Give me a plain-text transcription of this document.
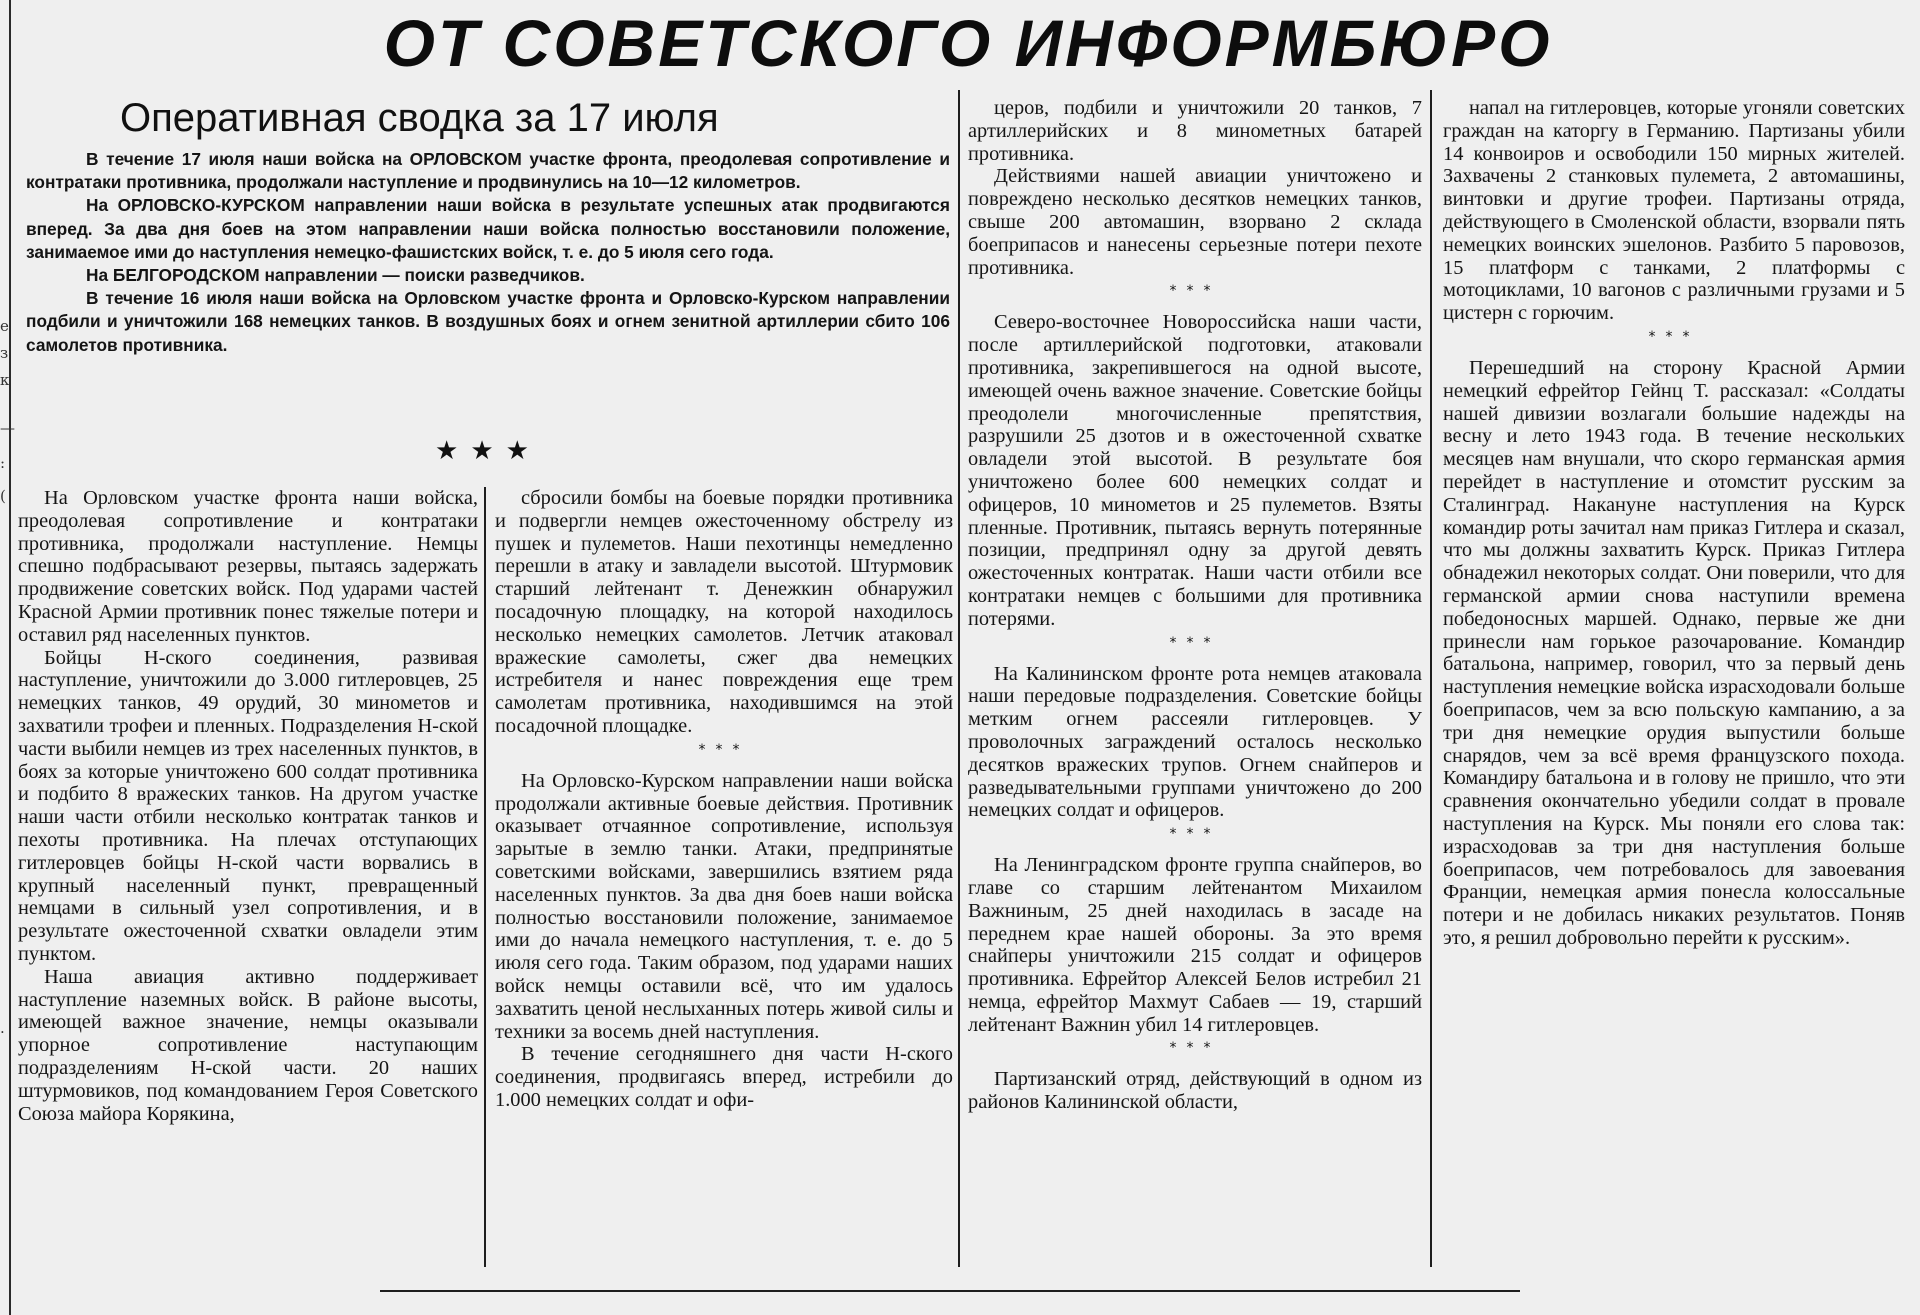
е
з
к
—
:
(
.
ОТ СОВЕТСКОГО ИНФОРМБЮРО
Оперативная сводка за 17 июля

В течение 17 июля наши войска на ОРЛОВСКОМ участке фронта, преодолевая сопротивление и контратаки противника, продолжали наступление и продвинулись на 10—12 километров.

На ОРЛОВСКО-КУРСКОМ направлении наши войска в результате успешных атак продвигаются вперед. За два дня боев на этом направлении наши войска полностью восстановили положение, занимаемое ими до наступления немецко-фашистских войск, т. е. до 5 июля сего года.

На БЕЛГОРОДСКОМ направлении — поиски разведчиков.

В течение 16 июля наши войска на Орловском участке фронта и Орловско-Курском направлении подбили и уничтожили 168 немецких танков. В воздушных боях и огнем зенитной артиллерии сбито 106 самолетов противника.

★★★

На Орловском участке фронта наши войска, преодолевая сопротивление и контратаки противника, продолжали наступление. Немцы спешно подбрасывают резервы, пытаясь задержать продвижение советских войск. Под ударами частей Красной Армии противник понес тяжелые потери и оставил ряд населенных пунктов.

Бойцы Н-ского соединения, развивая наступление, уничтожили до 3.000 гитлеровцев, 25 немецких танков, 49 орудий, 30 минометов и захватили трофеи и пленных. Подразделения Н-ской части выбили немцев из трех населенных пунктов, в боях за которые уничтожено 600 солдат противника и подбито 8 вражеских танков. На другом участке наши части отбили несколько контратак танков и пехоты противника. На плечах отступающих гитлеровцев бойцы Н-ской части ворвались в крупный населенный пункт, превращенный немцами в сильный узел сопротивления, и в результате ожесточенной схватки овладели этим пунктом.

Наша авиация активно поддерживает наступление наземных войск. В районе высоты, имеющей важное значение, немцы оказывали упорное сопротивление наступающим подразделениям Н-ской части. 20 наших штурмовиков, под командованием Героя Советского Союза майора Корякина,

сбросили бомбы на боевые порядки противника и подвергли немцев ожесточенному обстрелу из пушек и пулеметов. Наши пехотинцы немедленно перешли в атаку и завладели высотой. Штурмовик старший лейтенант т. Денежкин обнаружил посадочную площадку, на которой находилось несколько немецких самолетов. Летчик атаковал вражеские самолеты, сжег два немецких истребителя и нанес повреждения еще трем самолетам противника, находившимся на этой посадочной площадке.

***

На Орловско-Курском направлении наши войска продолжали активные боевые действия. Противник оказывает отчаянное сопротивление, используя зарытые в землю танки. Атаки, предпринятые советскими войсками, завершились взятием ряда населенных пунктов. За два дня боев наши войска полностью восстановили положение, занимаемое ими до начала немецкого наступления, т. е. до 5 июля сего года. Таким образом, под ударами наших войск немцы оставили всё, что им удалось захватить ценой неслыханных потерь живой силы и техники за восемь дней наступления.

В течение сегодняшнего дня части Н-ского соединения, продвигаясь вперед, истребили до 1.000 немецких солдат и офи-

церов, подбили и уничтожили 20 танков, 7 артиллерийских и 8 минометных батарей противника.

Действиями нашей авиации уничтожено и повреждено несколько десятков немецких танков, свыше 200 автомашин, взорвано 2 склада боеприпасов и нанесены серьезные потери пехоте противника.

***

Северо-восточнее Новороссийска наши части, после артиллерийской подготовки, атаковали противника, закрепившегося на одной высоте, имеющей очень важное значение. Советские бойцы преодолели многочисленные препятствия, разрушили 25 дзотов и в ожесточенной схватке овладели этой высотой. В результате боя уничтожено более 600 немецких солдат и офицеров, 10 минометов и 25 пулеметов. Взяты пленные. Противник, пытаясь вернуть потерянные позиции, предпринял одну за другой девять ожесточенных контратак. Наши части отбили все контратаки немцев с большими для противника потерями.

***

На Калининском фронте рота немцев атаковала наши передовые подразделения. Советские бойцы метким огнем рассеяли гитлеровцев. У проволочных заграждений осталось несколько десятков вражеских трупов. Огнем снайперов и разведывательными группами уничтожено до 200 немецких солдат и офицеров.

***

На Ленинградском фронте группа снайперов, во главе со старшим лейтенантом Михаилом Важниным, 25 дней находилась в засаде на переднем крае нашей обороны. За это время снайперы уничтожили 215 солдат и офицеров противника. Ефрейтор Алексей Белов истребил 21 немца, ефрейтор Махмут Сабаев — 19, старший лейтенант Важнин убил 14 гитлеровцев.

***

Партизанский отряд, действующий в одном из районов Калининской области,

напал на гитлеровцев, которые угоняли советских граждан на каторгу в Германию. Партизаны убили 14 конвоиров и освободили 150 мирных жителей. Захвачены 2 станковых пулемета, 2 автомашины, винтовки и другие трофеи. Партизаны отряда, действующего в Смоленской области, взорвали пять немецких воинских эшелонов. Разбито 5 паровозов, 15 платформ с танками, 2 платформы с мотоциклами, 10 вагонов с различными грузами и 5 цистерн с горючим.

***

Перешедший на сторону Красной Армии немецкий ефрейтор Гейнц Т. рассказал: «Солдаты нашей дивизии возлагали большие надежды на весну и лето 1943 года. В течение нескольких месяцев нам внушали, что скоро германская армия перейдет в наступление и отомстит русским за Сталинград. Накануне наступления на Курск командир роты зачитал нам приказ Гитлера и сказал, что мы должны захватить Курск. Приказ Гитлера обнадежил некоторых солдат. Они поверили, что для германской армии снова наступили времена победоносных маршей. Однако, первые же дни принесли нам горькое разочарование. Командир батальона, например, говорил, что за первый день наступления немецкие войска израсходовали больше боеприпасов, чем за всю польскую кампанию, а за три дня немецкие орудия выпустили больше снарядов, чем за всё время французского похода. Командиру батальона и в голову не пришло, что эти сравнения окончательно убедили солдат в провале наступления на Курск. Мы поняли его слова так: израсходовав за три дня наступления больше боеприпасов, чем потребовалось для завоевания Франции, немецкая армия понесла колоссальные потери и не добилась никаких результатов. Поняв это, я решил добровольно перейти к русским».
